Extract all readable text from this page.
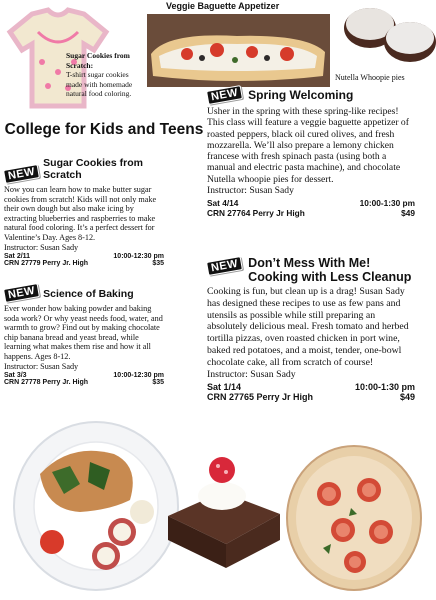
Sugar Cookies from Scratch:
T-shirt sugar cookies made with homemade natural food coloring.
Veggie Baguette Appetizer
Nutella Whoopie pies
College for Kids and Teens
NEW
Sugar Cookies from Scratch
Now you can learn how to make butter sugar cookies from scratch! Kids will not only make their own dough but also make icing by extracting blueberries and raspberries to make natural food coloring. It’s a perfect dessert for Valentine’s Day. Ages 8-12.
Instructor: Susan Sady
Sat 2/11	10:00-12:30 pm
CRN 27779 Perry Jr. High	$35
NEW Science of Baking
Ever wonder how baking powder and baking soda work? Or why yeast needs food, water, and warmth to grow? Find out by making chocolate chip banana bread and yeast bread, while learning what makes them rise and how it all happens. Ages 8-12.
Instructor: Susan Sady
Sat 3/3	10:00-12:30 pm
CRN 27778 Perry Jr. High	$35
NEW Spring Welcoming
Usher in the spring with these spring-like recipes! This class will feature a veggie baguette appetizer of roasted peppers, black oil cured olives, and fresh mozzarella. We’ll also prepare a lemony chicken francese with fresh spinach pasta (using both a manual and electric pasta machine), and chocolate Nutella whoopie pies for dessert.
Instructor: Susan Sady
Sat 4/14	10:00-1:30 pm
CRN 27764 Perry Jr High	$49
NEW Don’t Mess With Me! Cooking with Less Cleanup
Cooking is fun, but clean up is a drag! Susan Sady has designed these recipes to use as few pans and utensils as possible while still preparing an absolutely delicious meal. Fresh tomato and herbed tortilla pizzas, oven roasted chicken in port wine, baked red potatoes, and a moist, tender, one-bowl chocolate cake, all from scratch of course!
Instructor: Susan Sady
Sat 1/14	10:00-1:30 pm
CRN 27765 Perry Jr High	$49
